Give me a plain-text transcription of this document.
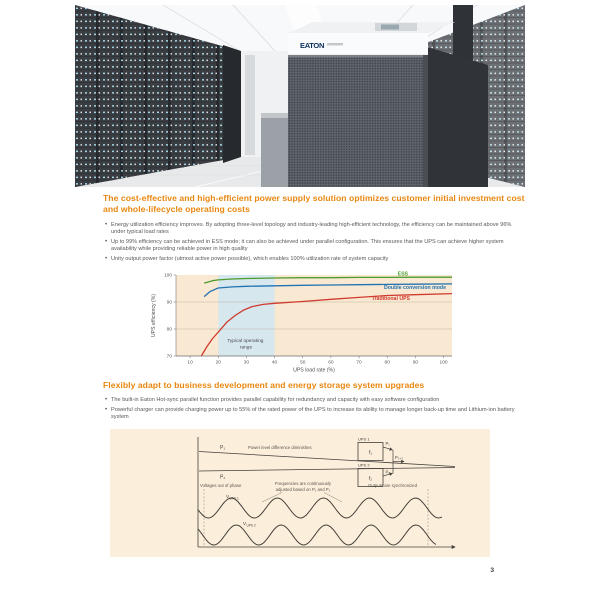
EATON
The cost-effective and high-efficient power supply solution optimizes customer initial investment cost and whole-lifecycle operating costs
• Energy utilization efficiency improves. By adopting three-level topology and industry-leading high-efficient technology, the efficiency can be maintained above 96% under typical load rates
• Up to 99% efficiency can be achieved in ESS mode; it can also be achieved under parallel configuration. This ensures that the UPS can achieve higher system availability while providing reliable power in high quality
• Unity output power factor (utmost active power possible), which enables 100% utilization rate of system capacity
10	20	30	40	50	60	70	80	90	100
70
80
90
100	ESS
Double conversion mode
Traditional UPS
Typical operating range
UPS load rate (%)
UPS efficiency (%)
Flexibly adapt to business development and energy storage system upgrades
• The built-in Eaton Hot-sync parallel function provides parallel capability for redundancy and capacity with easy software configuration
• Powerful charger can provide charging power up to 55% of the rated power of the UPS to increase its ability to manage longer back-up time and Lithium-ion battery system
P₁	Power level difference diminishes
P₂
Frequencies are continuously
adjusted based on P₁ and P₂
Voltages out of phase	Outputs are synchronized
V UPS 1
V UPS 2
UPS 1
f₁
P₁
UPS 2
f₂
P₂
P₁₊₂
3
